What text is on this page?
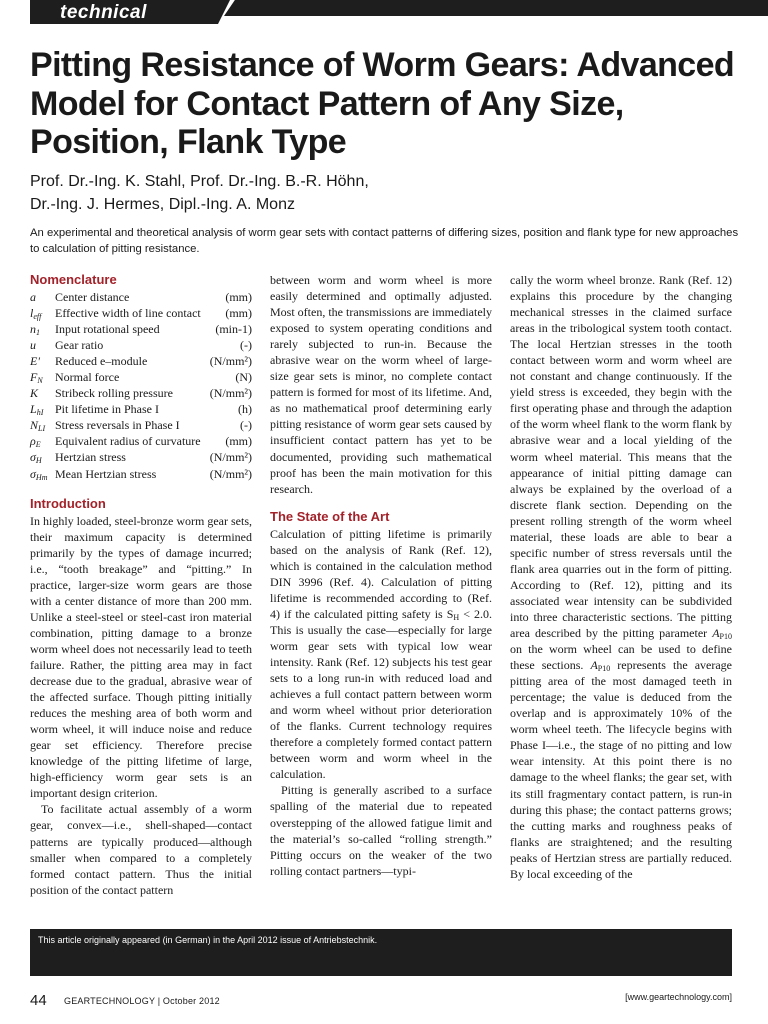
technical
Pitting Resistance of Worm Gears: Advanced Model for Contact Pattern of Any Size, Position, Flank Type
Prof. Dr.-Ing. K. Stahl, Prof. Dr.-Ing. B.-R. Höhn,
Dr.-Ing. J. Hermes, Dipl.-Ing. A. Monz

An experimental and theoretical analysis of worm gear sets with contact patterns of differing sizes, position and flank type for new approaches to calculation of pitting resistance.

Nomenclature
a	Center distance	(mm)
$l_{eff}$	Effective width of line contact	(mm)
$n_1$	Input rotational speed	(min-1)
u	Gear ratio	(-)
E'	Reduced e–module	(N/mm²)
$F_N$	Normal force	(N)
K	Stribeck rolling pressure	(N/mm²)
$L_{hI}$ Pit lifetime in Phase I	(h)
$N_{LI}$ Stress reversals in Phase I	(-)
$\rho_E$	Equivalent radius of curvature	(mm)
$\sigma_H$	Hertzian stress	(N/mm²)
$\sigma_{Hm}$ Mean Hertzian stress	(N/mm²)
Introduction

In highly loaded, steel-bronze worm gear sets, their maximum capacity is determined primarily by the types of damage incurred; i.e., “tooth breakage” and “pitting.” In practice, larger-size worm gears are those with a center distance of more than 200 mm. Unlike a steel-steel or steel-cast iron material combination, pitting damage to a bronze worm wheel does not necessarily lead to teeth failure. Rather, the pitting area may in fact decrease due to the gradual, abrasive wear of the affected surface. Though pitting initially reduces the meshing area of both worm and worm wheel, it will induce noise and reduce gear set efficiency. Therefore precise knowledge of the pitting lifetime of large, high-efficiency worm gear sets is an important design criterion.

To facilitate actual assembly of a worm gear, convex—i.e., shell-shaped—contact patterns are typically produced—although smaller when compared to a completely formed contact pattern. Thus the initial position of the contact pattern

between worm and worm wheel is more easily determined and optimally adjusted. Most often, the transmissions are immediately exposed to system operating conditions and rarely subjected to run-in. Because the abrasive wear on the worm wheel of large-size gear sets is minor, no complete contact pattern is formed for most of its lifetime. And, as no mathematical proof determining early pitting resistance of worm gear sets caused by insufficient contact pattern has yet to be documented, providing such mathematical proof has been the main motivation for this research.

The State of the Art

Calculation of pitting lifetime is primarily based on the analysis of Rank (Ref. 12), which is contained in the calculation method DIN 3996 (Ref. 4). Calculation of pitting lifetime is recommended according to (Ref. 4) if the calculated pitting safety is $S_H < 2.0$. This is usually the case—especially for large worm gear sets with typical low wear intensity. Rank (Ref. 12) subjects his test gear sets to a long run-in with reduced load and achieves a full contact pattern between worm and worm wheel without prior deterioration of the flanks. Current technology requires therefore a completely formed contact pattern between worm and worm wheel in the calculation.

Pitting is generally ascribed to a surface spalling of the material due to repeated overstepping of the allowed fatigue limit and the material’s so-called “rolling strength.” Pitting occurs on the weaker of the two rolling contact partners—typi-

cally the worm wheel bronze. Rank (Ref. 12) explains this procedure by the changing mechanical stresses in the claimed surface areas in the tribological system tooth contact. The local Hertzian stresses in the tooth contact between worm and worm wheel are not constant and change continuously. If the yield stress is exceeded, they begin with the first operating phase and through the adaption of the worm wheel flank to the worm flank by abrasive wear and a local yielding of the worm wheel material. This means that the appearance of initial pitting damage can always be explained by the overload of a discrete flank section. Depending on the present rolling strength of the worm wheel material, these loads are able to bear a specific number of stress reversals until the flank area quarries out in the form of pitting. According to (Ref. 12), pitting and its associated wear intensity can be subdivided into three characteristic sections. The pitting area described by the pitting parameter $A_{P10}$ on the worm wheel can be used to define these sections. $A_{P10}$ represents the average pitting area of the most damaged teeth in percentage; the value is deduced from the overlap and is approximately 10% of the worm wheel teeth. The lifecycle begins with Phase I—i.e., the stage of no pitting and low wear intensity. At this point there is no damage to the wheel flanks; the gear set, with its still fragmentary contact pattern, is run-in during this phase; the contact patterns grows; the cutting marks and roughness peaks of flanks are straightened; and the resulting peaks of Hertzian stress are partially reduced. By local exceeding of the

This article originally appeared (in German) in the April 2012 issue of Antriebstechnik.
44 GEARTECHNOLOGY | October 2012	[www.geartechnology.com]
